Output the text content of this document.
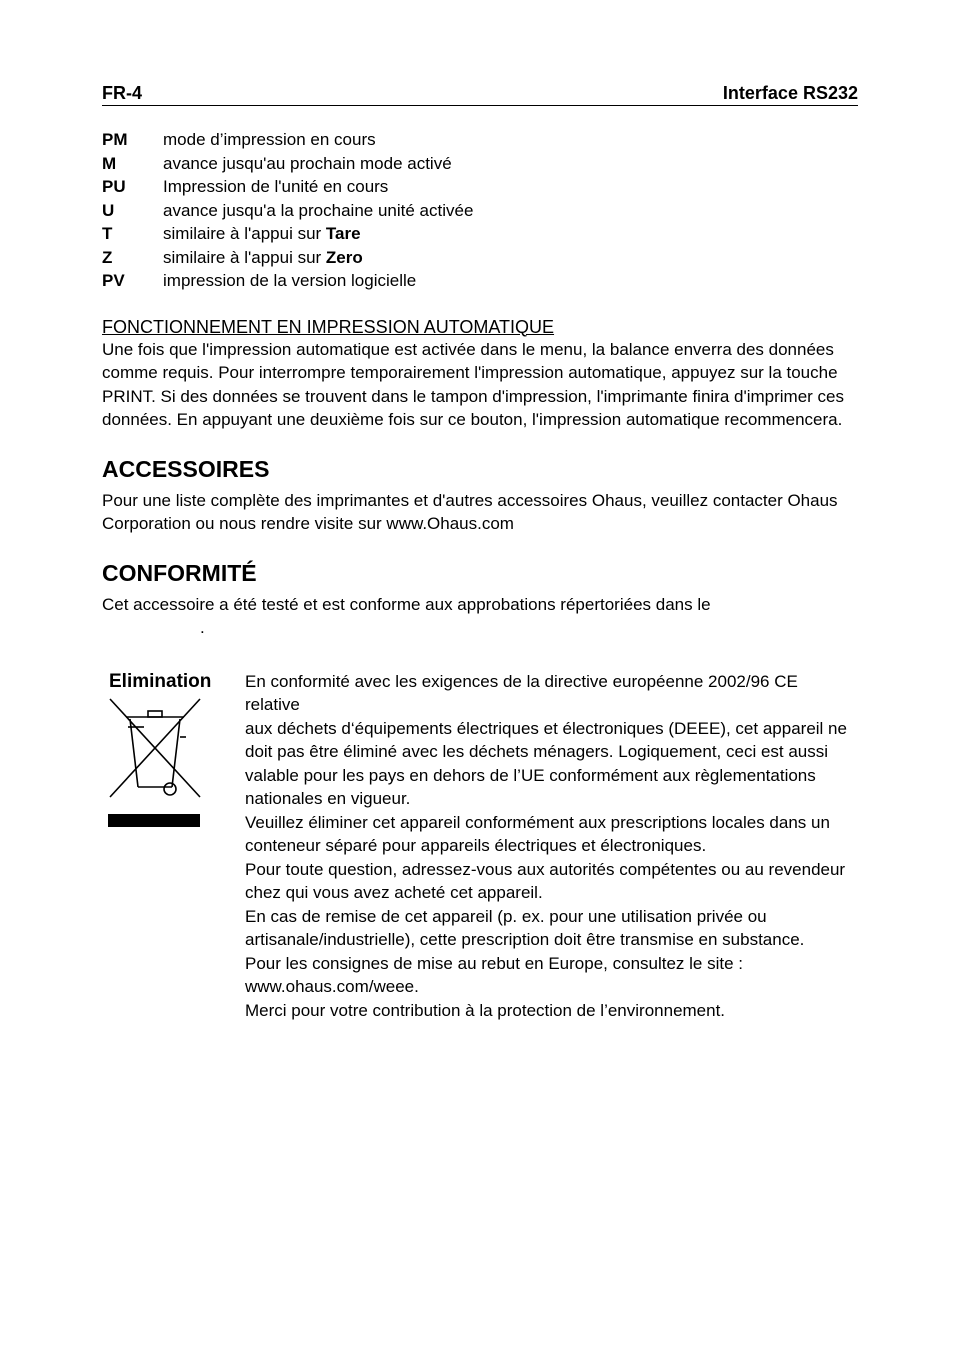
FR-4	Interface RS232
PM	mode d’impression en cours
M	avance jusqu'au prochain mode activé
PU	Impression de l'unité en cours
U	avance jusqu'a la prochaine unité activée
T	similaire à l'appui sur Tare
Z	similaire à l'appui sur Zero
PV	impression de la version logicielle
FONCTIONNEMENT EN IMPRESSION AUTOMATIQUE
Une fois que l'impression automatique est activée dans le menu, la balance enverra des données
comme requis. Pour interrompre temporairement l'impression automatique, appuyez sur la touche
PRINT. Si des données se trouvent dans le tampon d'impression, l'imprimante finira d'imprimer ces
données. En appuyant une deuxième fois sur ce bouton, l'impression automatique recommencera.
ACCESSOIRES
Pour une liste complète des imprimantes et d'autres accessoires Ohaus, veuillez contacter Ohaus
Corporation ou nous rendre visite sur www.Ohaus.com
CONFORMITÉ
Cet accessoire a été testé et est conforme aux approbations répertoriées dans le
.
Elimination	En conformité avec les exigences de la directive européenne 2002/96 CE relative

aux déchets d‘équipements électriques et électroniques (DEEE), cet appareil ne

doit pas être éliminé avec les déchets ménagers. Logiquement, ceci est aussi

valable pour les pays en dehors de l’UE conformément aux règlementations

nationales en vigueur.

Veuillez éliminer cet appareil conformément aux prescriptions locales dans un

conteneur séparé pour appareils électriques et électroniques.

Pour toute question, adressez-vous aux autorités compétentes ou au revendeur

chez qui vous avez acheté cet appareil.

En cas de remise de cet appareil (p. ex. pour une utilisation privée ou

artisanale/industrielle), cette prescription doit être transmise en substance.

Pour les consignes de mise au rebut en Europe, consultez le site :

www.ohaus.com/weee.

Merci pour votre contribution à la protection de l’environnement.
